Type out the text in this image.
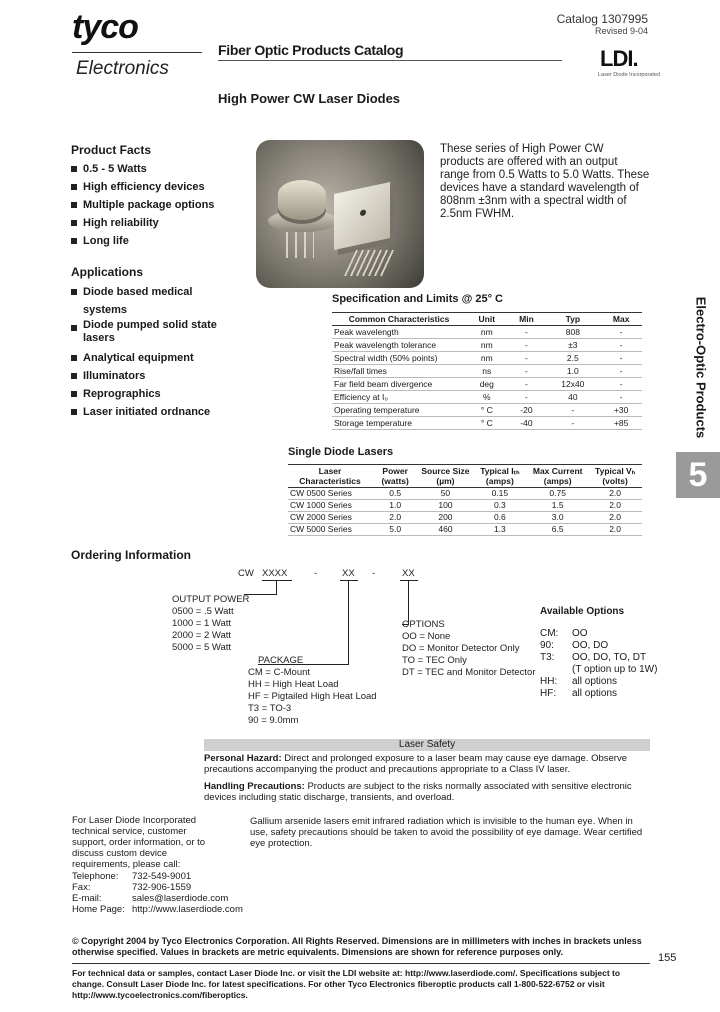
tyco
Electronics
Fiber Optic Products Catalog
Catalog 1307995
Revised 9-04
LDI.
Laser Diode Incorporated
High Power CW Laser Diodes
Product Facts
0.5 - 5 Watts
High efficiency devices
Multiple package options
High reliability
Long life
Applications
Diode based medical systems
Diode pumped solid state lasers
Analytical equipment
Illuminators
Reprographics
Laser initiated ordnance
These series of High Power CW products are offered with an output range from 0.5 Watts to 5.0 Watts. These devices have a standard wavelength of 808nm ±3nm with a spectral width of 2.5nm FWHM.
Specification and Limits @ 25° C
Common Characteristics	Unit	Min	Typ	Max
Peak wavelength	nm	-	808	-
Peak wavelength tolerance	nm	-	±3	-
Spectral width (50% points)	nm	-	2.5	-
Rise/fall times	ns	-	1.0	-
Far field beam divergence	deg	-	12x40	-
Efficiency at I₀	%	-	40	-
Operating temperature	° C	-20	-	+30
Storage temperature	° C	-40	-	+85
Single Diode Lasers
Laser Characteristics	Power (watts)	Source Size (µm)	Typical Iₜₕ (amps)	Max Current (amps)	Typical Vₕ (volts)
CW 0500 Series	0.5	50	0.15	0.75	2.0
CW 1000 Series	1.0	100	0.3	1.5	2.0
CW 2000 Series	2.0	200	0.6	3.0	2.0
CW 5000 Series	5.0	460	1.3	6.5	2.0
Electro-Optic Products
5
Ordering Information
CW XXXX	-	XX -	XX
OUTPUT POWER
0500 = .5 Watt
1000 = 1 Watt
2000 = 2 Watt
5000 = 5 Watt
PACKAGE
CM = C-Mount
HH = High Heat Load
HF = Pigtailed High Heat Load
T3 = TO-3
90 = 9.0mm
OPTIONS
OO = None
DO = Monitor Detector Only
TO = TEC Only
DT = TEC and Monitor Detector
Available Options
CM:	OO
90:	OO, DO
T3:	OO, DO, TO, DT
(T option up to 1W)
HH:	all options
HF:	all options
Laser Safety
Personal Hazard: Direct and prolonged exposure to a laser beam may cause eye damage. Observe precautions accompanying the product and precautions appropriate to a Class IV laser.
Handling Precautions: Products are subject to the risks normally associated with sensitive electronic devices including static discharge, transients, and overload.
Gallium arsenide lasers emit infrared radiation which is invisible to the human eye. When in use, safety precautions should be taken to avoid the possibility of eye damage. Wear certified eye protection.
For Laser Diode Incorporated technical service, customer support, order information, or to discuss custom device requirements, please call:
Telephone:	732-549-9001
Fax:	732-906-1559
E-mail:	sales@laserdiode.com
Home Page: http://www.laserdiode.com
© Copyright 2004 by Tyco Electronics Corporation. All Rights Reserved. Dimensions are in millimeters with inches in brackets unless otherwise specified. Values in brackets are metric equivalents. Dimensions are shown for reference purposes only.	155
For technical data or samples, contact Laser Diode Inc. or visit the LDI website at: http://www.laserdiode.com/. Specifications subject to change. Consult Laser Diode Inc. for latest specifications. For other Tyco Electronics fiberoptic products call 1-800-522-6752 or visit http://www.tycoelectronics.com/fiberoptics.
